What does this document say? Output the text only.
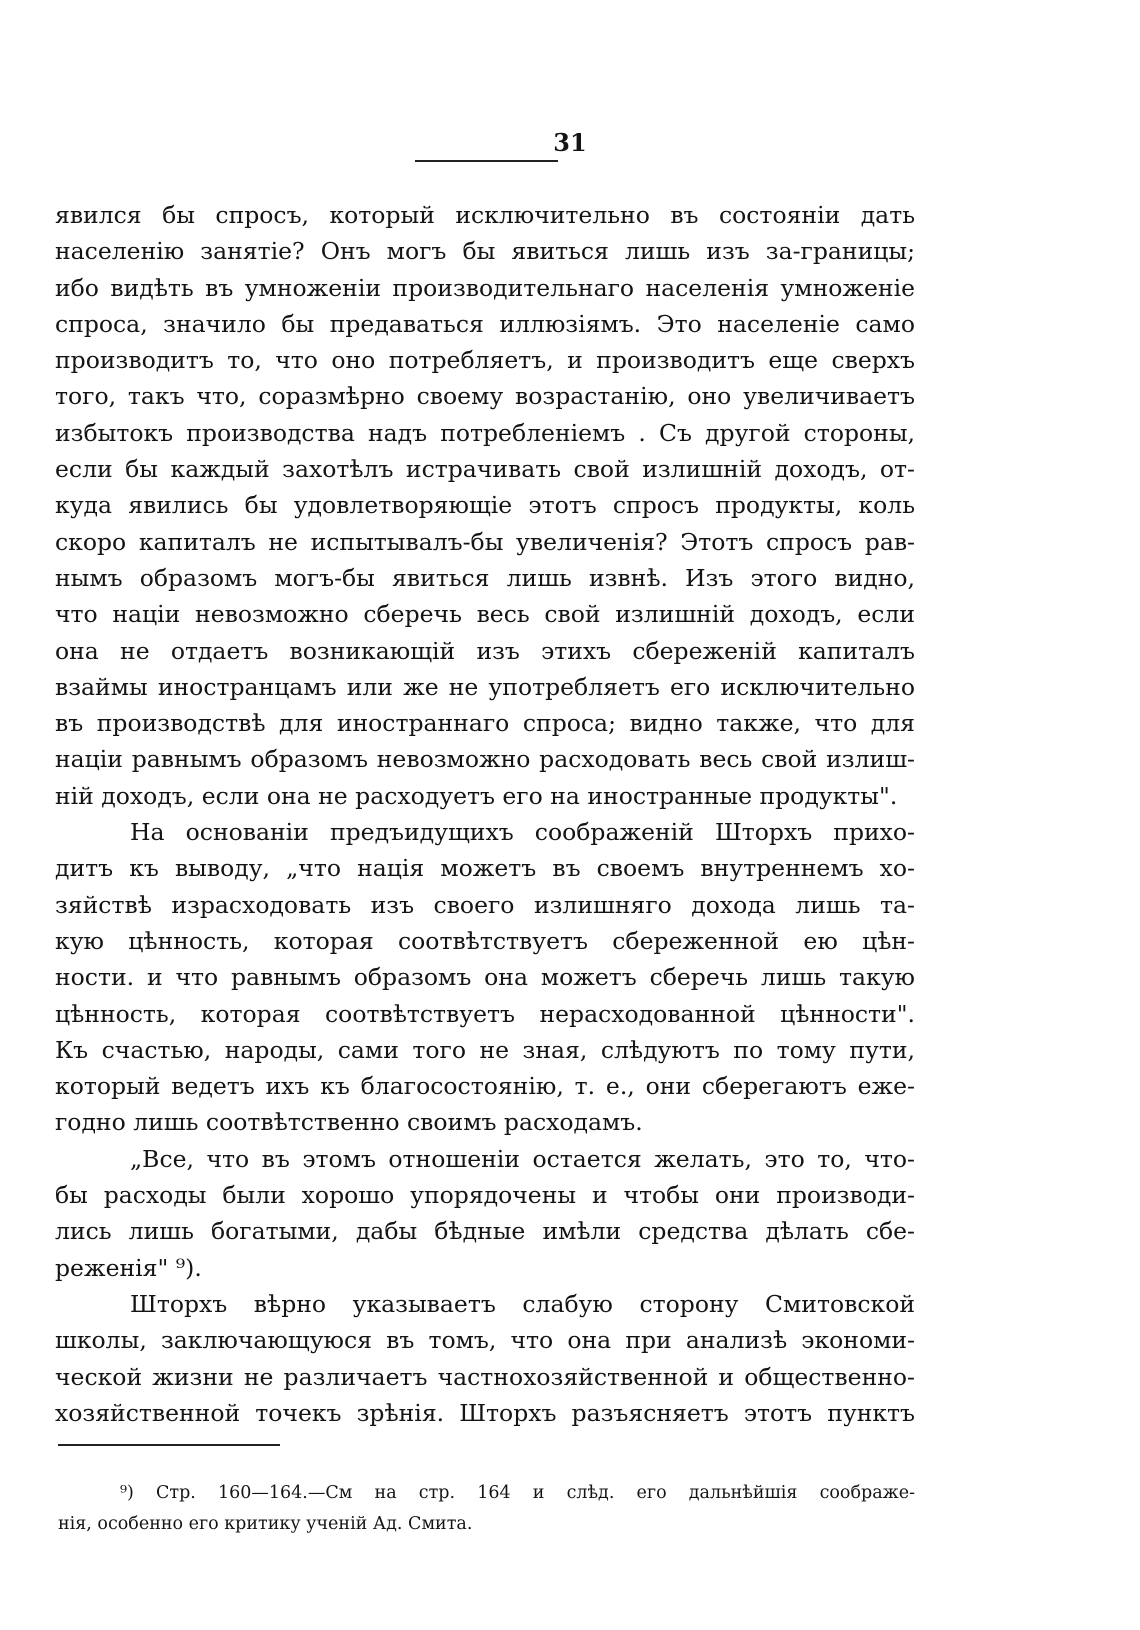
31
явился бы спросъ, который исключительно въ состояніи дать
населенію занятіе? Онъ могъ бы явиться лишь изъ за-границы;
ибо видѣть въ умноженіи производительнаго населенія умноженіе
спроса, значило бы предаваться иллюзіямъ. Это населеніе само
производитъ то, что оно потребляетъ, и производитъ еще сверхъ
того, такъ что, соразмѣрно своему возрастанію, оно увеличиваетъ
избытокъ производства надъ потребленіемъ . Съ другой стороны,
если бы каждый захотѣлъ истрачивать свой излишній доходъ, от-
куда явились бы удовлетворяющіе этотъ спросъ продукты, коль
скоро капиталъ не испытывалъ-бы увеличенія? Этотъ спросъ рав-
нымъ образомъ могъ-бы явиться лишь извнѣ. Изъ этого видно,
что націи невозможно сберечь весь свой излишній доходъ, если
она не отдаетъ возникающій изъ этихъ сбереженій капиталъ
взаймы иностранцамъ или же не употребляетъ его исключительно
въ производствѣ для иностраннаго спроса; видно также, что для
націи равнымъ образомъ невозможно расходовать весь свой излиш-
ній доходъ, если она не расходуетъ его на иностранные продукты".
На основаніи предъидущихъ соображеній Шторхъ прихо-
дитъ къ выводу, „что нація можетъ въ своемъ внутреннемъ хо-
зяйствѣ израсходовать изъ своего излишняго дохода лишь та-
кую цѣнность, которая соотвѣтствуетъ сбереженной ею цѣн-
ности. и что равнымъ образомъ она можетъ сберечь лишь такую
цѣнность, которая соотвѣтствуетъ нерасходованной цѣнности".
Къ счастью, народы, сами того не зная, слѣдуютъ по тому пути,
который ведетъ ихъ къ благосостоянію, т. е., они сберегаютъ еже-
годно лишь соотвѣтственно своимъ расходамъ.
„Все, что въ этомъ отношеніи остается желать, это то, что-
бы расходы были хорошо упорядочены и чтобы они производи-
лись лишь богатыми, дабы бѣдные имѣли средства дѣлать сбе-
реженія" ⁹).
Шторхъ вѣрно указываетъ слабую сторону Смитовской
школы, заключающуюся въ томъ, что она при анализѣ экономи-
ческой жизни не различаетъ частнохозяйственной и общественно-
хозяйственной точекъ зрѣнія. Шторхъ разъясняетъ этотъ пунктъ
⁹) Стр. 160—164.—См на стр. 164 и слѣд. его дальнѣйшія соображе-
нія, особенно его критику ученій Ад. Смита.
